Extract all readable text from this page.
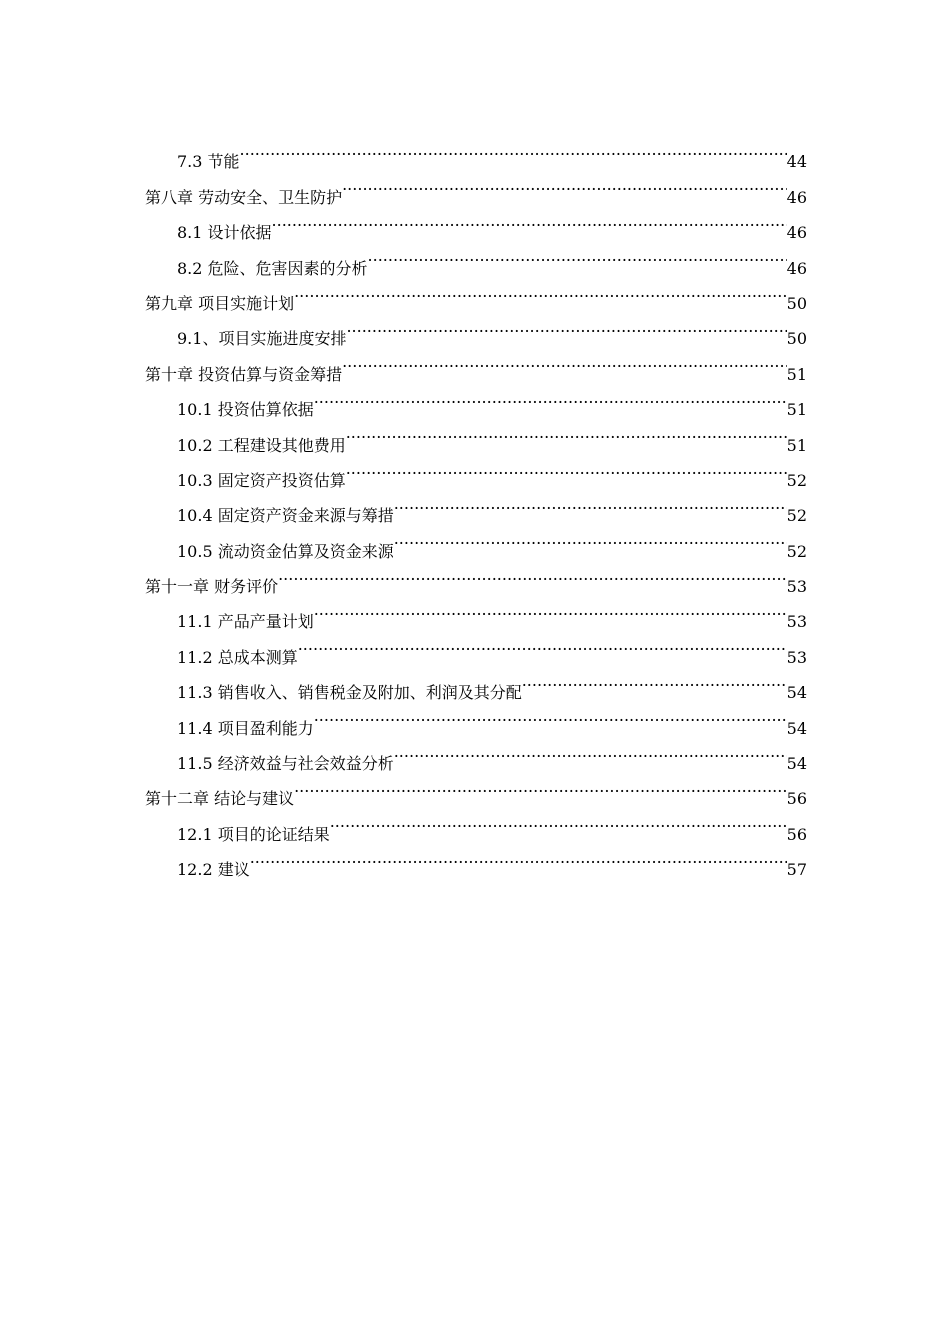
7.3 节能 .....	44
第八章 劳动安全、卫生防护 .....	46
8.1 设计依据 .....	46
8.2 危险、危害因素的分析 .....	46
第九章 项目实施计划 .....	50
9.1、项目实施进度安排 .....	50
第十章 投资估算与资金筹措 .....	51
10.1 投资估算依据 .....	51
10.2 工程建设其他费用 .....	51
10.3 固定资产投资估算 .....	52
10.4 固定资产资金来源与筹措 .....	52
10.5 流动资金估算及资金来源 .....	52
第十一章 财务评价 .....	53
11.1 产品产量计划 .....	53
11.2 总成本测算 .....	53
11.3 销售收入、销售税金及附加、利润及其分配 .....	54
11.4 项目盈利能力 .....	54
11.5 经济效益与社会效益分析 .....	54
第十二章 结论与建议 .....	56
12.1 项目的论证结果 .....	56
12.2 建议 .....	57
